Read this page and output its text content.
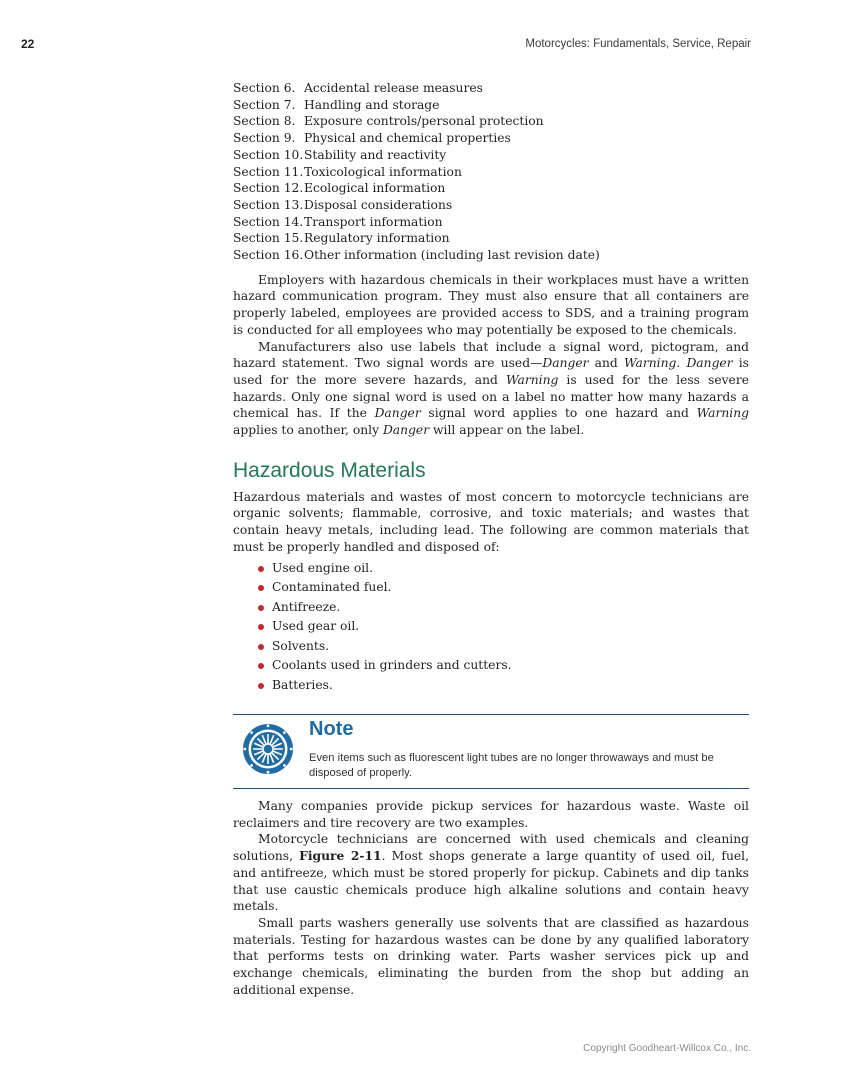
22	Motorcycles: Fundamentals, Service, Repair
Section 6. Accidental release measures
Section 7. Handling and storage
Section 8. Exposure controls/personal protection
Section 9. Physical and chemical properties
Section 10. Stability and reactivity
Section 11. Toxicological information
Section 12. Ecological information
Section 13. Disposal considerations
Section 14. Transport information
Section 15. Regulatory information
Section 16. Other information (including last revision date)

Employers with hazardous chemicals in their workplaces must have a written hazard communication program. They must also ensure that all containers are properly labeled, employees are provided access to SDS, and a training program is conducted for all employees who may potentially be exposed to the chemicals.

Manufacturers also use labels that include a signal word, pictogram, and hazard statement. Two signal words are used—Danger and Warning. Danger is used for the more severe hazards, and Warning is used for the less severe hazards. Only one signal word is used on a label no matter how many hazards a chemical has. If the Danger signal word applies to one hazard and Warning applies to another, only Danger will appear on the label.

Hazardous Materials

Hazardous materials and wastes of most concern to motorcycle technicians are organic solvents; flammable, corrosive, and toxic materials; and wastes that contain heavy metals, including lead. The following are common materials that must be properly handled and disposed of:

Used engine oil.
Contaminated fuel.
Antifreeze.
Used gear oil.
Solvents.
Coolants used in grinders and cutters.
Batteries.
Note
Even items such as fluorescent light tubes are no longer throwaways and must be disposed of properly.

Many companies provide pickup services for hazardous waste. Waste oil reclaimers and tire recovery are two examples.

Motorcycle technicians are concerned with used chemicals and cleaning solutions, Figure 2-11. Most shops generate a large quantity of used oil, fuel, and antifreeze, which must be stored properly for pickup. Cabinets and dip tanks that use caustic chemicals produce high alkaline solutions and contain heavy metals.

Small parts washers generally use solvents that are classified as hazardous materials. Testing for hazardous wastes can be done by any qualified laboratory that performs tests on drinking water. Parts washer services pick up and exchange chemicals, eliminating the burden from the shop but adding an additional expense.

Copyright Goodheart-Willcox Co., Inc.
